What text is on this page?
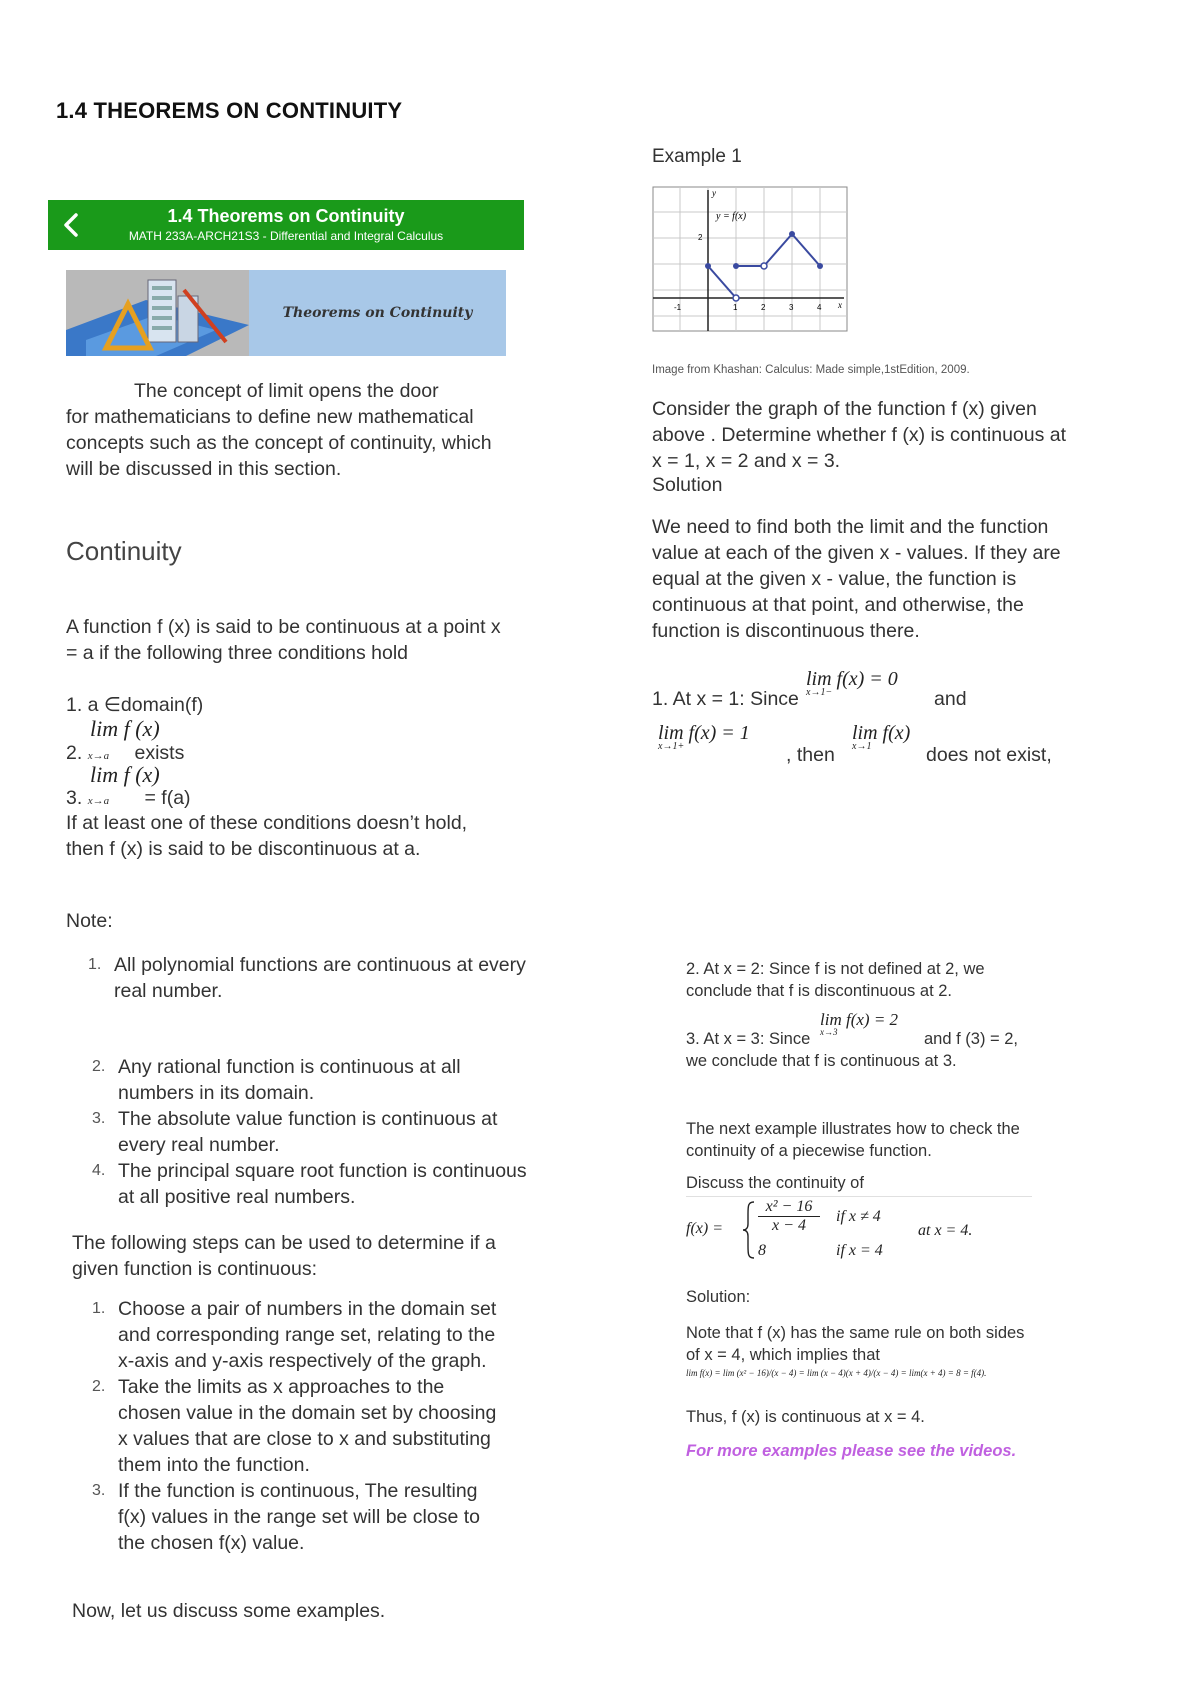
1.4 THEOREMS ON CONTINUITY
1.4 Theorems on Continuity
MATH 233A-ARCH21S3 - Differential and Integral Calculus
Theorems on Continuity
The concept of limit opens the door
for mathematicians to define new mathematical concepts such as the concept of continuity, which will be discussed in this section.
Continuity
A function f (x) is said to be continuous at a point x = a if the following three conditions hold
1. a ∈domain(f)
lim f (x)
2. x→a exists
lim f (x)
3. x→a = f(a)
If at least one of these conditions doesn’t hold, then f (x) is said to be discontinuous at a.
Note:
1. All polynomial functions are continuous at every real number.
2. Any rational function is continuous at all numbers in its domain.
3. The absolute value function is continuous at every real number.
4. The principal square root function is continuous at all positive real numbers.
The following steps can be used to determine if a given function is continuous:
1. Choose a pair of numbers in the domain set and corresponding range set, relating to the x-axis and y-axis respectively of the graph.
2. Take the limits as x approaches to the chosen value in the domain set by choosing x values that are close to x and substituting them into the function.
3. If the function is continuous, The resulting f(x) values in the range set will be close to the chosen f(x) value.
Now, let us discuss some examples.
Example 1
y
x
y = f(x)
2
-1	1	2	3	4
Image from Khashan: Calculus: Made simple,1stEdition, 2009.
Consider the graph of the function f (x) given above . Determine whether f (x) is continuous at x = 1, x = 2 and x = 3.
Solution
We need to find both the limit and the function value at each of the given x - values. If they are equal at the given x - value, the function is continuous at that point, and otherwise, the function is discontinuous there.
lim f(x) = 0
x→1−
1. At x = 1: Since	and
lim f(x) = 1
x→1+	, then
lim f(x)
x→1	does not exist,
2. At x = 2: Since f is not defined at 2, we conclude that f is discontinuous at 2.
lim f(x) = 2
x→3
3. At x = 3: Since	and f (3) = 2,
we conclude that f is continuous at 3.
The next example illustrates how to check the continuity of a piecewise function.
Discuss the continuity of
$f(x) = \frac{\text{x² − 16}}{x - 4}$ if x ≠ 4
8	if x = 4
at x = 4.
Solution:
Note that f (x) has the same rule on both sides of x = 4, which implies that
lim f(x) = lim (x² − 16)/(x − 4) = lim (x − 4)(x + 4)/(x − 4) = lim(x + 4) = 8 = f(4).
Thus, f (x) is continuous at x = 4.
For more examples please see the videos.
